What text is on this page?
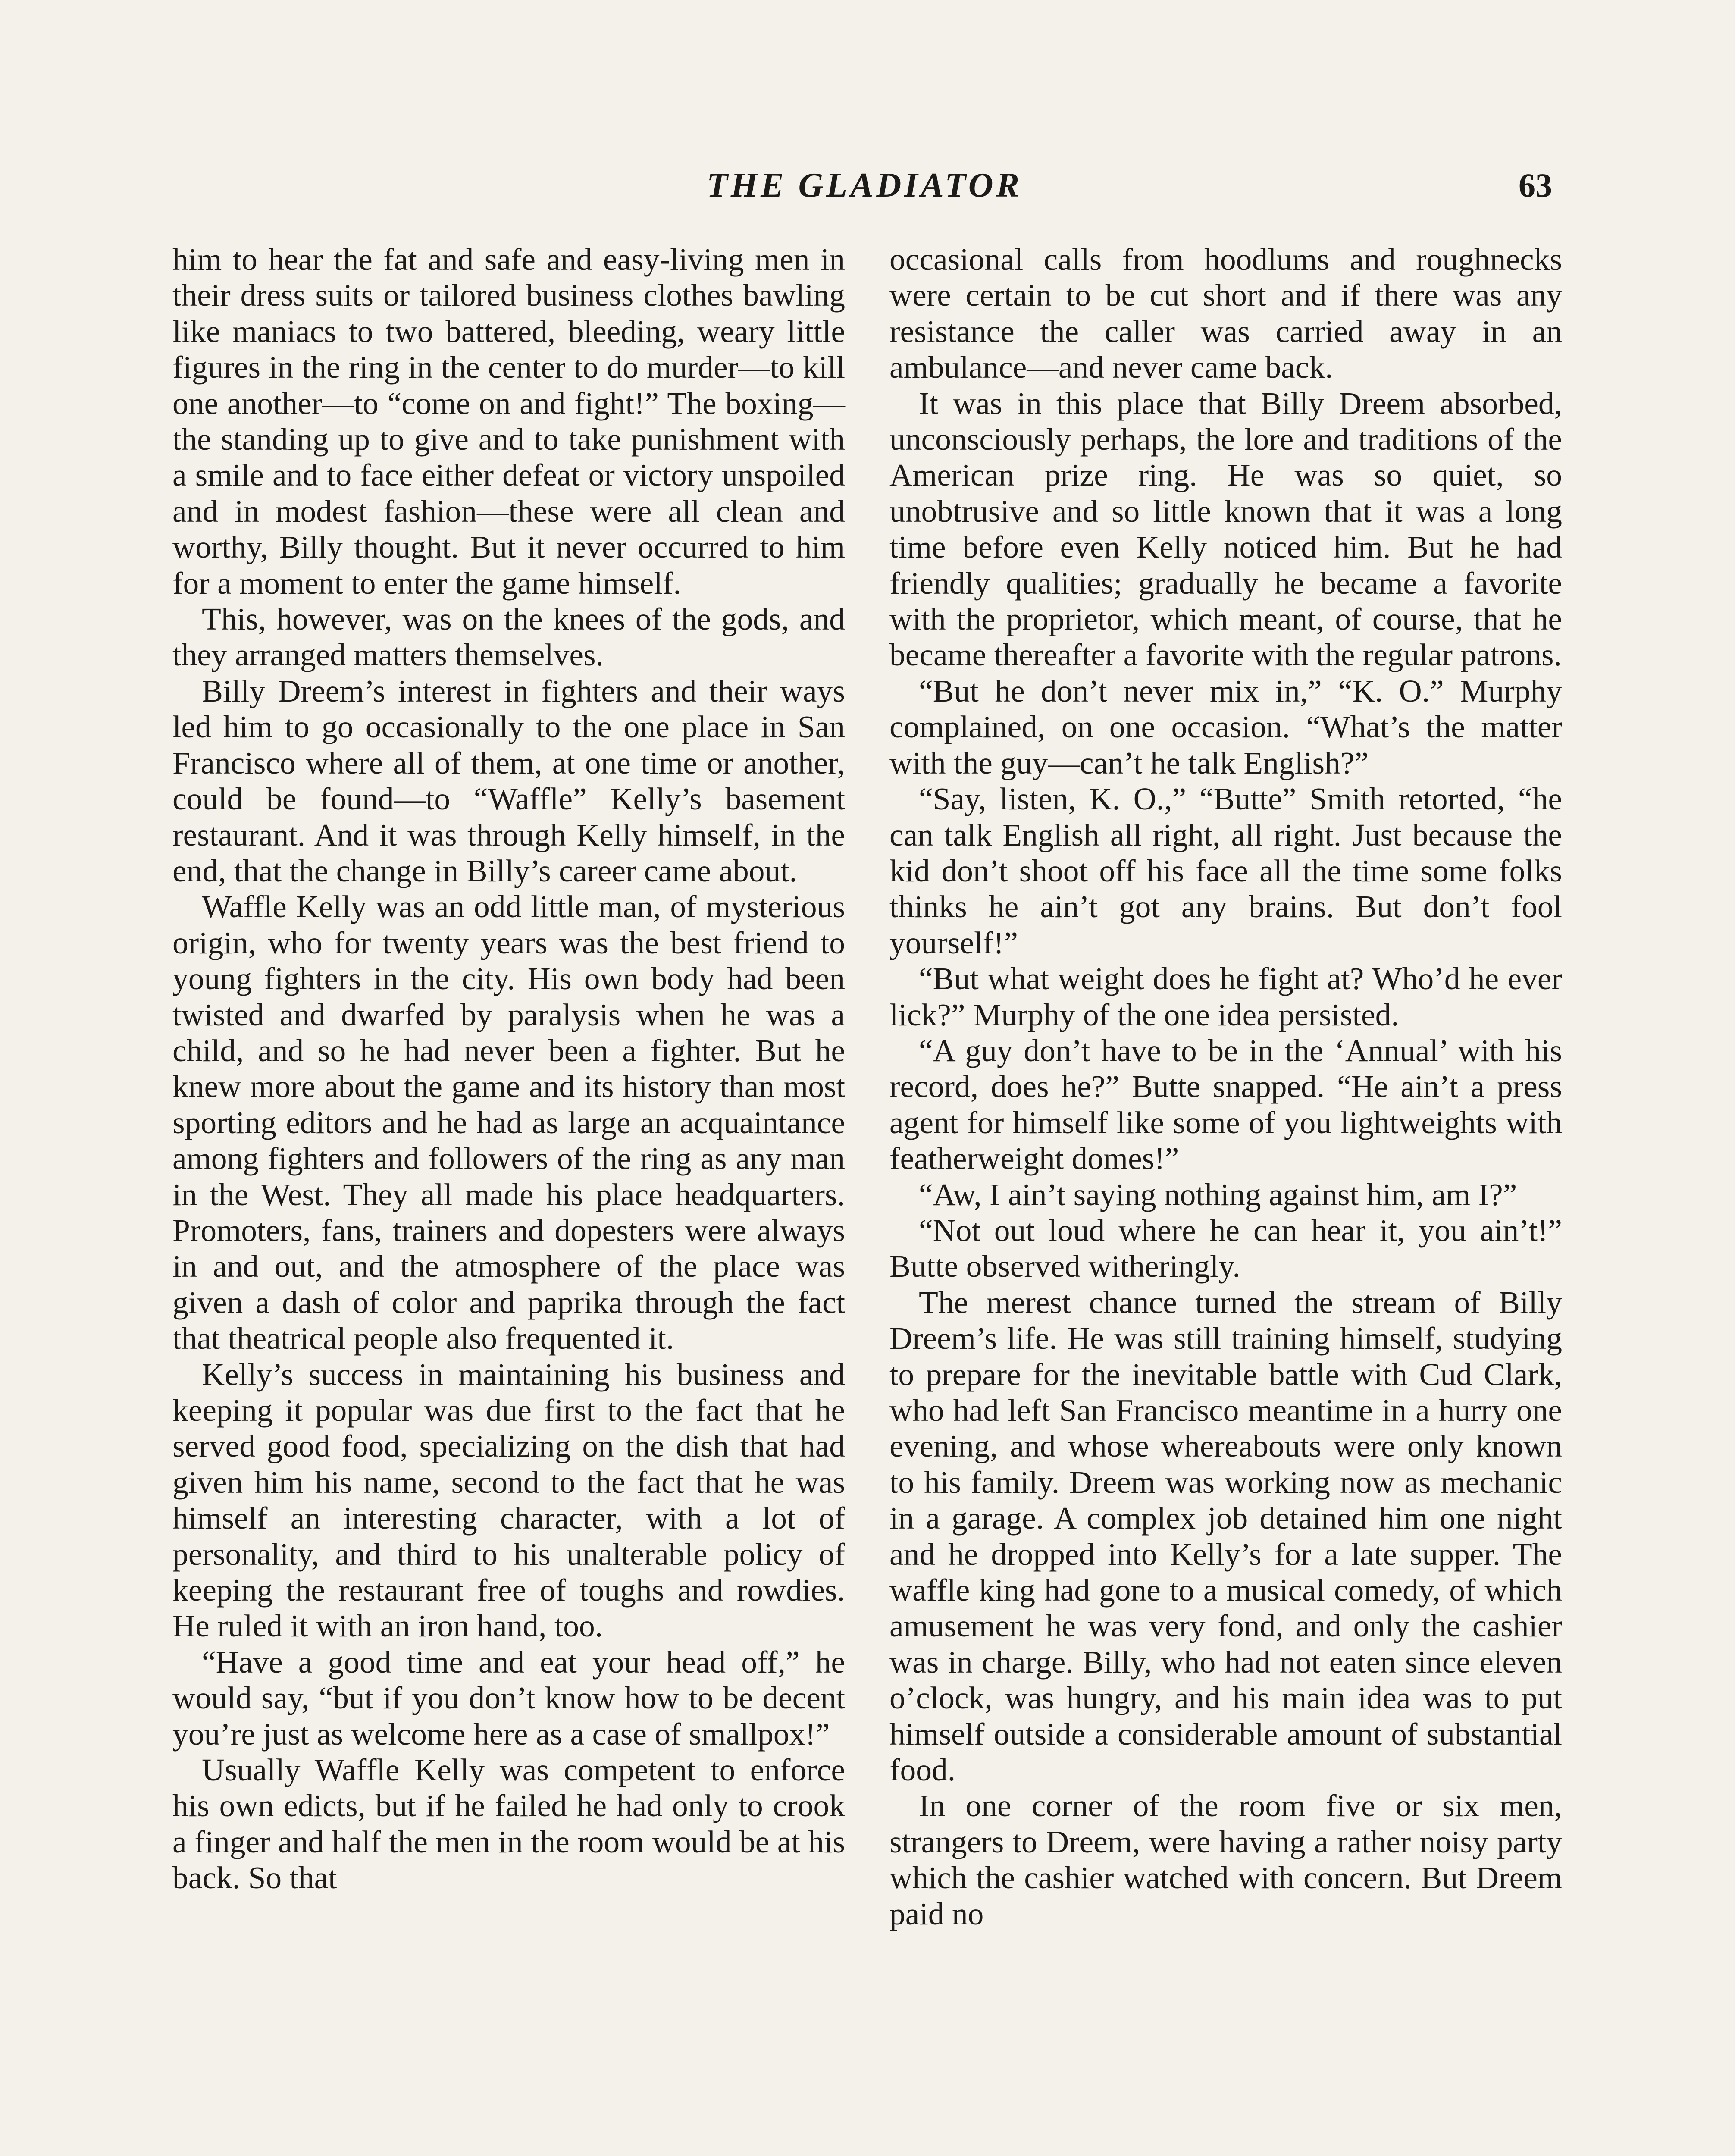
THE GLADIATOR	63

him to hear the fat and safe and easy-living men in their dress suits or tailored business clothes bawling like maniacs to two battered, bleeding, weary little figures in the ring in the center to do murder—to kill one another—to “come on and fight!” The boxing—the standing up to give and to take punishment with a smile and to face either defeat or victory unspoiled and in modest fashion—these were all clean and worthy, Billy thought. But it never occurred to him for a moment to enter the game himself.

This, however, was on the knees of the gods, and they arranged matters themselves.

Billy Dreem’s interest in fighters and their ways led him to go occasionally to the one place in San Francisco where all of them, at one time or another, could be found—to “Waffle” Kelly’s basement restaurant. And it was through Kelly himself, in the end, that the change in Billy’s career came about.

Waffle Kelly was an odd little man, of mysterious origin, who for twenty years was the best friend to young fighters in the city. His own body had been twisted and dwarfed by paralysis when he was a child, and so he had never been a fighter. But he knew more about the game and its history than most sporting editors and he had as large an acquaintance among fighters and followers of the ring as any man in the West. They all made his place headquarters. Promoters, fans, trainers and dopesters were always in and out, and the atmosphere of the place was given a dash of color and paprika through the fact that theatrical people also frequented it.

Kelly’s success in maintaining his business and keeping it popular was due first to the fact that he served good food, specializing on the dish that had given him his name, second to the fact that he was himself an interesting character, with a lot of personality, and third to his unalterable policy of keeping the restaurant free of toughs and rowdies. He ruled it with an iron hand, too.

“Have a good time and eat your head off,” he would say, “but if you don’t know how to be decent you’re just as welcome here as a case of smallpox!”

Usually Waffle Kelly was competent to enforce his own edicts, but if he failed he had only to crook a finger and half the men in the room would be at his back. So that

occasional calls from hoodlums and roughnecks were certain to be cut short and if there was any resistance the caller was carried away in an ambulance—and never came back.

It was in this place that Billy Dreem absorbed, unconsciously perhaps, the lore and traditions of the American prize ring. He was so quiet, so unobtrusive and so little known that it was a long time before even Kelly noticed him. But he had friendly qualities; gradually he became a favorite with the proprietor, which meant, of course, that he became thereafter a favorite with the regular patrons.

“But he don’t never mix in,” “K. O.” Murphy complained, on one occasion. “What’s the matter with the guy—can’t he talk English?”

“Say, listen, K. O.,” “Butte” Smith retorted, “he can talk English all right, all right. Just because the kid don’t shoot off his face all the time some folks thinks he ain’t got any brains. But don’t fool yourself!”

“But what weight does he fight at? Who’d he ever lick?” Murphy of the one idea persisted.

“A guy don’t have to be in the ‘Annual’ with his record, does he?” Butte snapped. “He ain’t a press agent for himself like some of you lightweights with featherweight domes!”

“Aw, I ain’t saying nothing against him, am I?”

“Not out loud where he can hear it, you ain’t!” Butte observed witheringly.

The merest chance turned the stream of Billy Dreem’s life. He was still training himself, studying to prepare for the inevitable battle with Cud Clark, who had left San Francisco meantime in a hurry one evening, and whose whereabouts were only known to his family. Dreem was working now as mechanic in a garage. A complex job detained him one night and he dropped into Kelly’s for a late supper. The waffle king had gone to a musical comedy, of which amusement he was very fond, and only the cashier was in charge. Billy, who had not eaten since eleven o’clock, was hungry, and his main idea was to put himself outside a considerable amount of substantial food.

In one corner of the room five or six men, strangers to Dreem, were having a rather noisy party which the cashier watched with concern. But Dreem paid no
